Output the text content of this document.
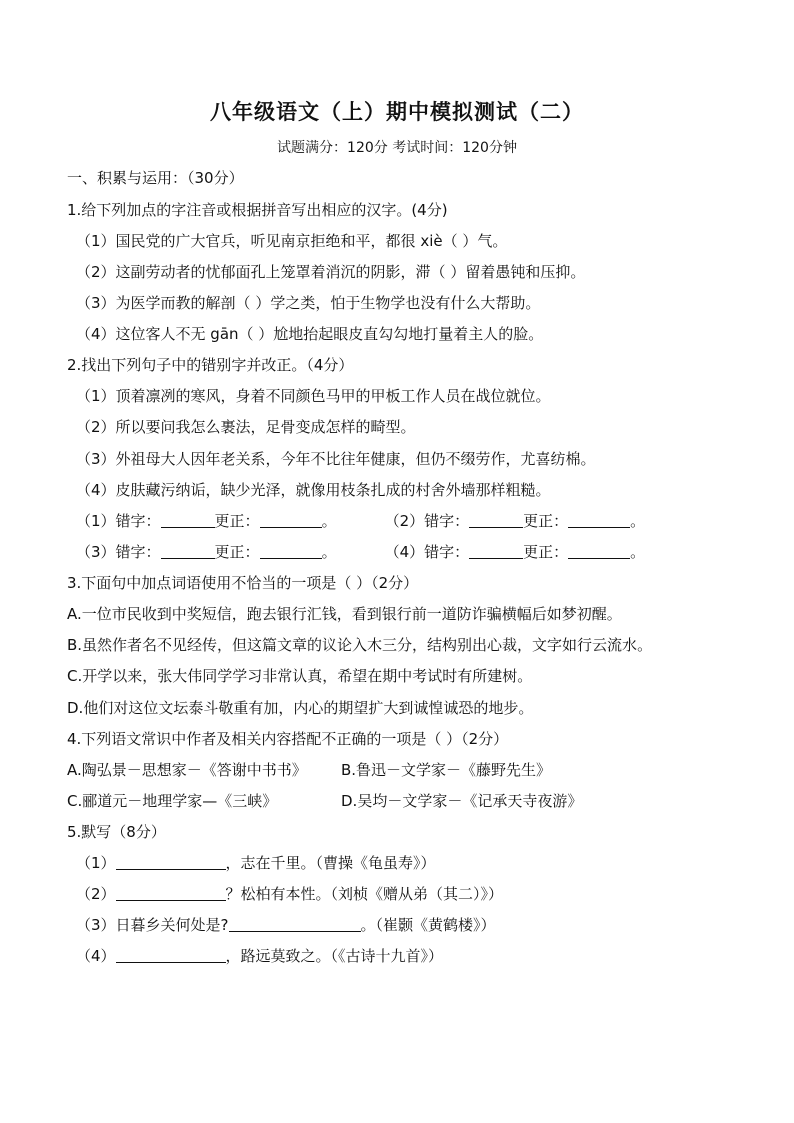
八年级语文（上）期中模拟测试（二）
试题满分：120分 考试时间：120分钟
一、积累与运用：（30分）
1.给下列加点的字注音或根据拼音写出相应的汉字。(4分)
（1）国民党的广大官兵，听见南京拒绝和平，都很 xiè（ ）气。
（2）这副劳动者的忧郁面孔上笼罩着消沉的阴影，滞（ ）留着愚钝和压抑。
（3）为医学而教的解剖（ ）学之类，怕于生物学也没有什么大帮助。
（4）这位客人不无 gān（ ）尬地抬起眼皮直勾勾地打量着主人的脸。
2.找出下列句子中的错别字并改正。（4分）
（1）顶着凛冽的寒风，身着不同颜色马甲的甲板工作人员在战位就位。
（2）所以要问我怎么裹法，足骨变成怎样的畸型。
（3）外祖母大人因年老关系，今年不比往年健康，但仍不缀劳作，尤喜纺棉。
（4）皮肤藏污纳诟，缺少光泽，就像用枝条扎成的村舍外墙那样粗糙。
（1）错字：	更正：	。	（2）错字：	更正：	。
（3）错字：	更正：	。	（4）错字：	更正：	。
3.下面句中加点词语使用不恰当的一项是（ ）（2分）
A.一位市民收到中奖短信，跑去银行汇钱，看到银行前一道防诈骗横幅后如梦初醒。
B.虽然作者名不见经传，但这篇文章的议论入木三分，结构别出心裁，文字如行云流水。
C.开学以来，张大伟同学学习非常认真，希望在期中考试时有所建树。
D.他们对这位文坛泰斗敬重有加，内心的期望扩大到诚惶诚恐的地步。
4.下列语文常识中作者及相关内容搭配不正确的一项是（ ）（2分）
A.陶弘景－思想家－《答谢中书书》 B.鲁迅－文学家－《藤野先生》
C.郦道元－地理学家—《三峡》	D.吴均－文学家－《记承天寺夜游》
5.默写（8分）
（1）	，志在千里。（曹操《龟虽寿》）
（2）	？松柏有本性。（刘桢《赠从弟（其二）》）
（3）日暮乡关何处是?	。（崔颢《黄鹤楼》）
（4）	，路远莫致之。（《古诗十九首》）
